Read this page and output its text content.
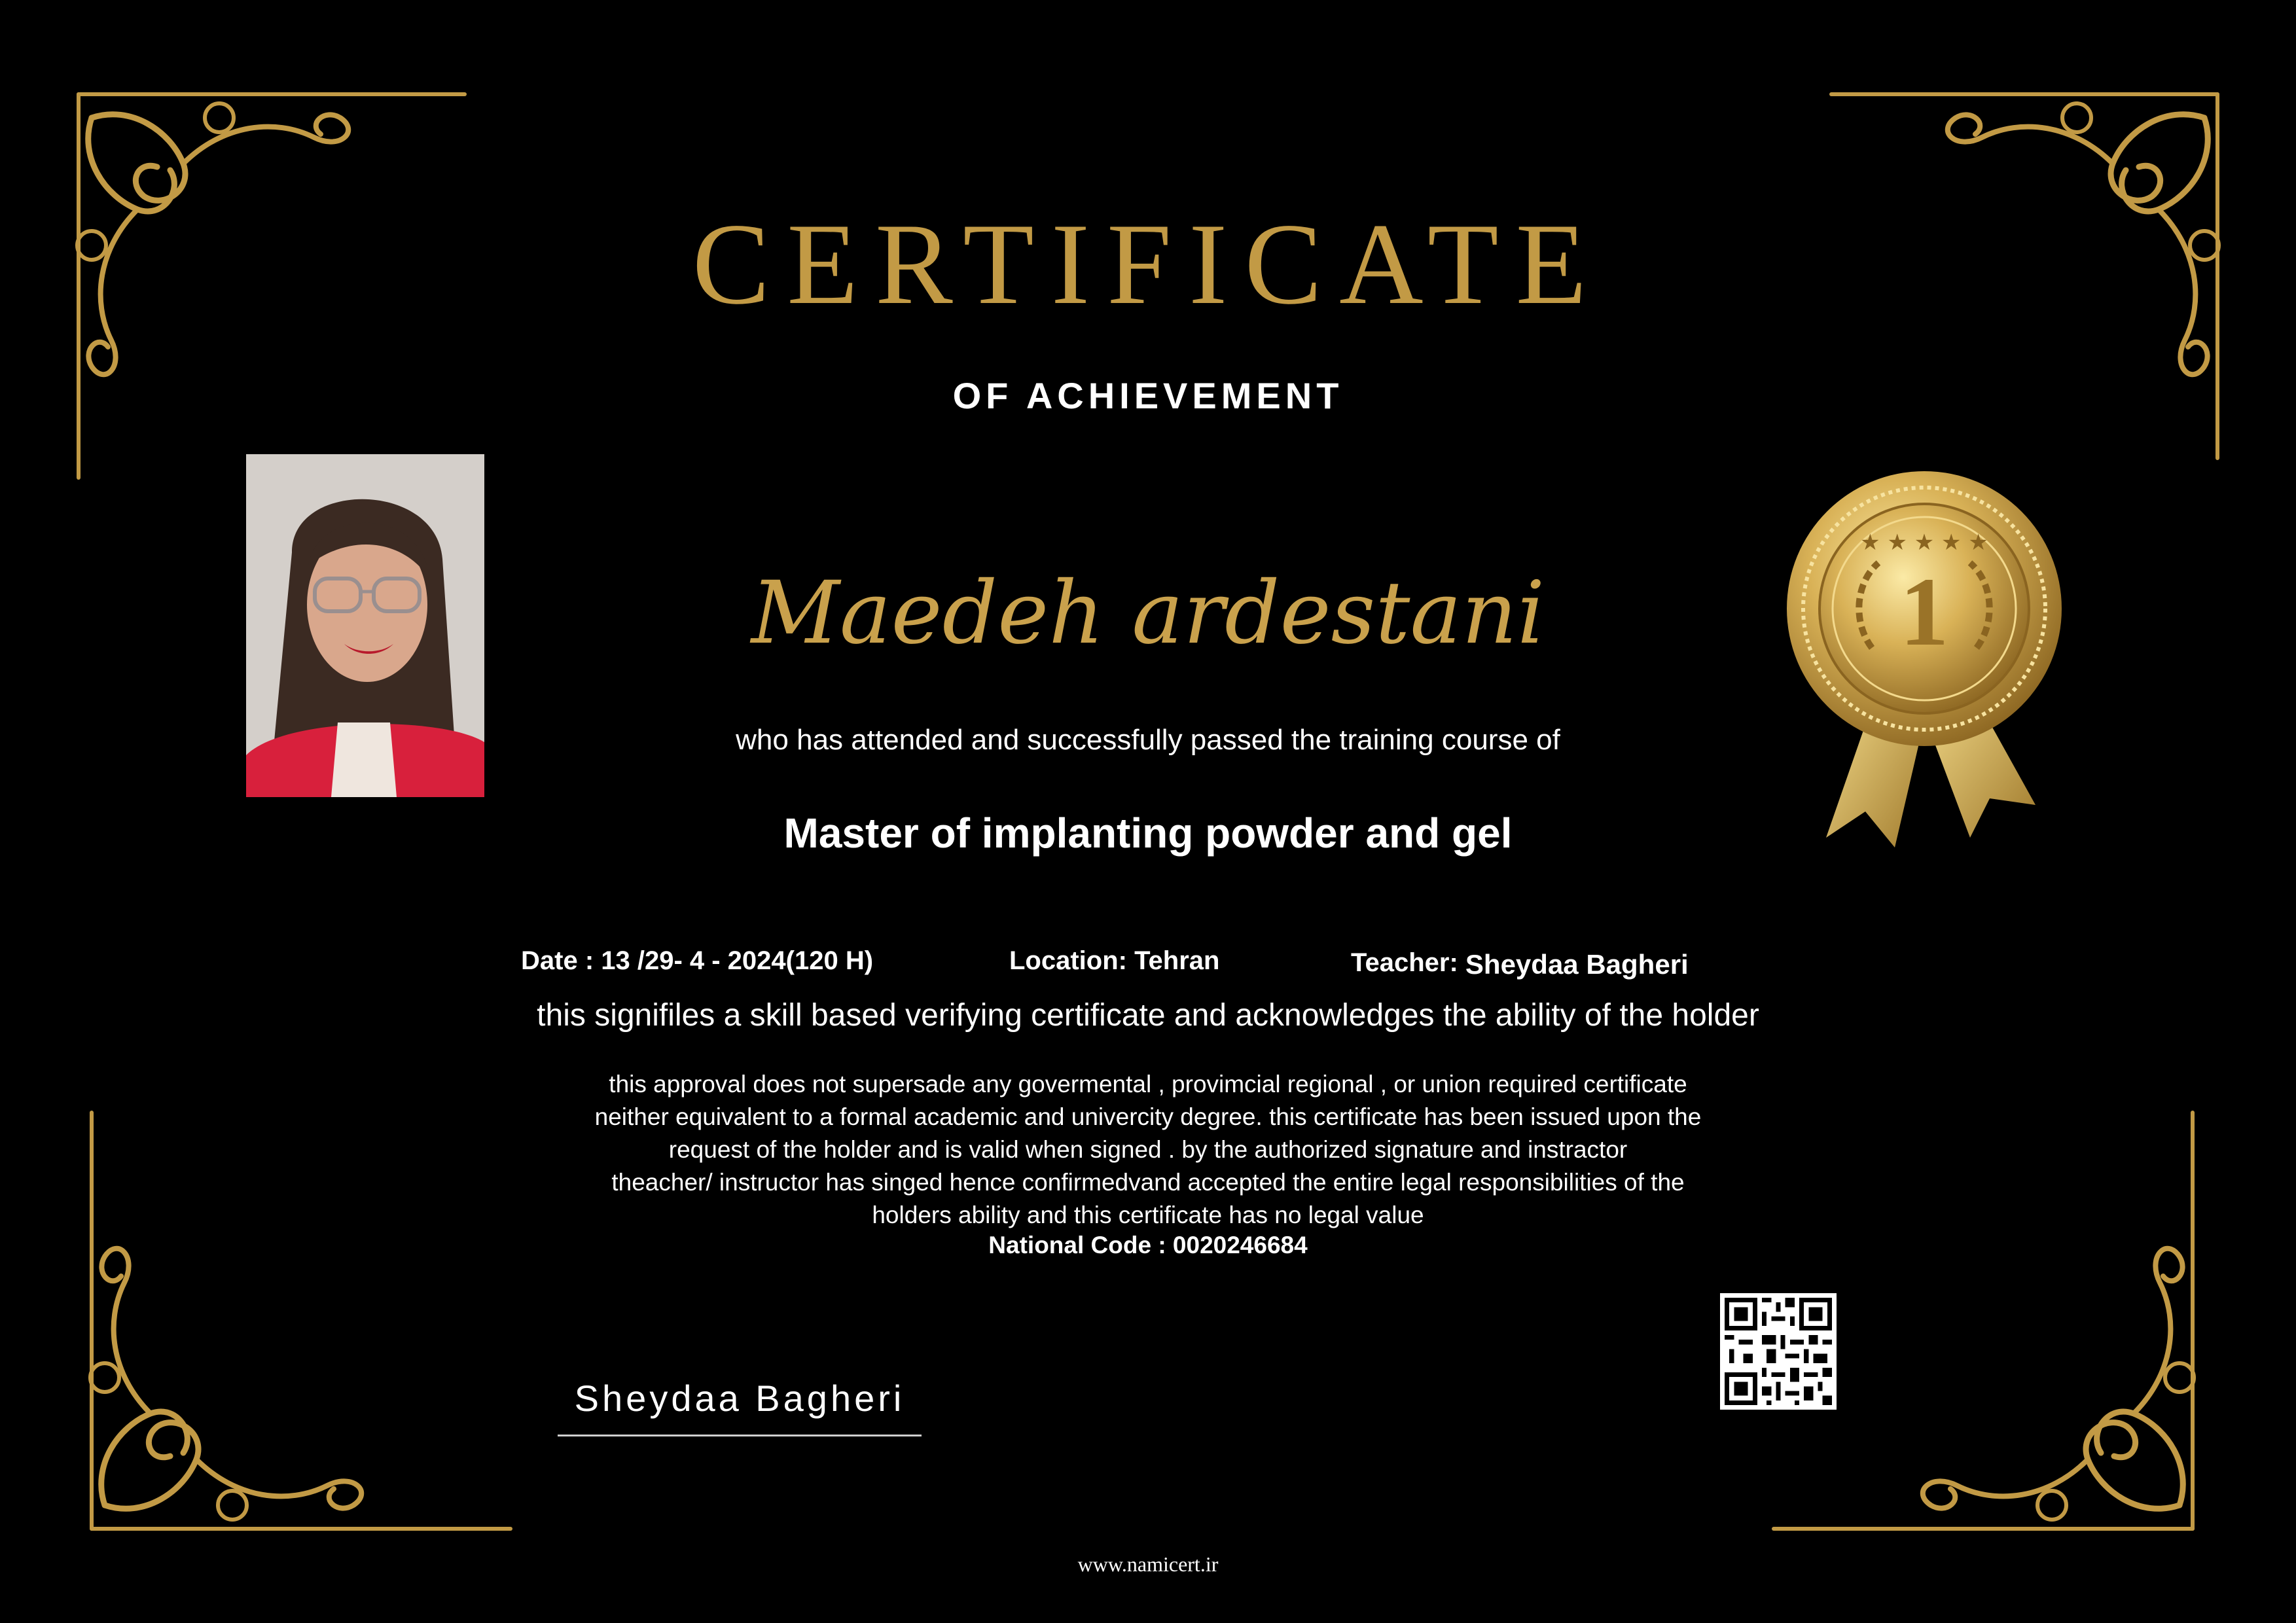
CERTIFICATE
OF ACHIEVEMENT
Maedeh ardestani
who has attended and successfully passed the training course of
Master of implanting powder and gel
Date : 13 /29- 4 - 2024(120 H)	Location: Tehran	Teacher: Sheydaa Bagheri
this signifiles a skill based verifying certificate and acknowledges the ability of the holder
this approval does not supersade any govermental , provimcial regional , or union required certificate
neither equivalent to a formal academic and univercity degree. this certificate has been issued upon the
request of the holder and is valid when signed . by the authorized signature and instractor
theacher/ instructor has singed hence confirmedvand accepted the entire legal responsibilities of the
holders ability and this certificate has no legal value
National Code : 0020246684
1
★ ★ ★ ★ ★
Sheydaa Bagheri
www.namicert.ir
